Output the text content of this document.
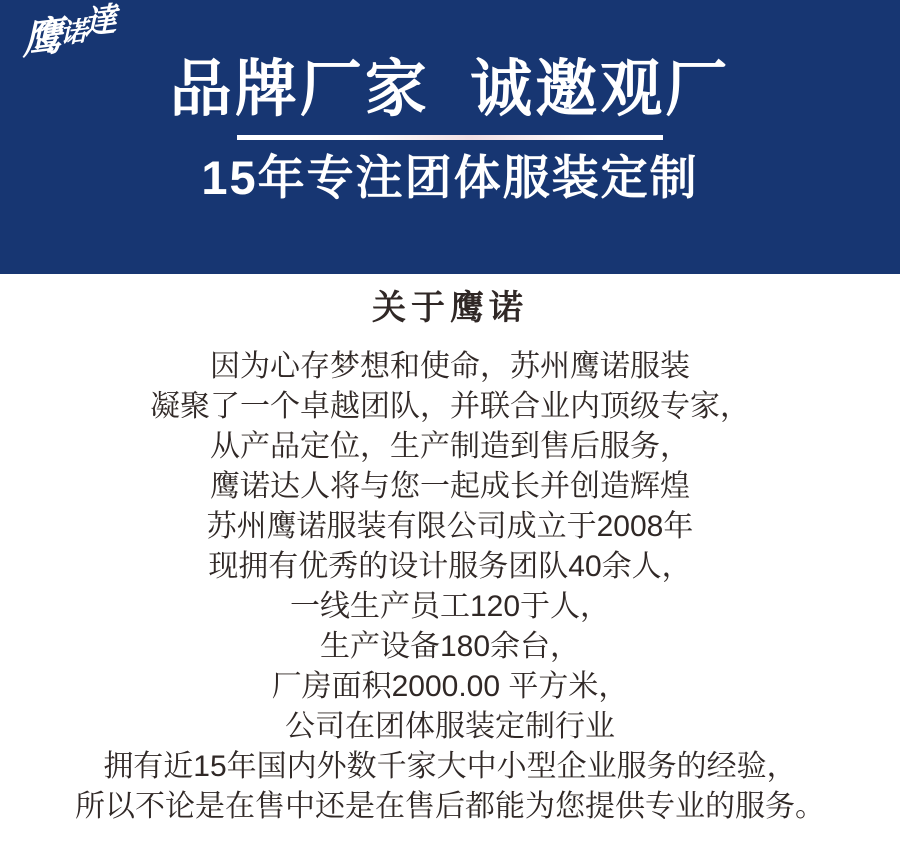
鹰诺達
品牌厂家  诚邀观厂
15年专注团体服装定制
关于鹰诺
因为心存梦想和使命，苏州鹰诺服装
凝聚了一个卓越团队，并联合业内顶级专家，
从产品定位，生产制造到售后服务，
鹰诺达人将与您一起成长并创造辉煌
苏州鹰诺服装有限公司成立于2008年
现拥有优秀的设计服务团队40余人，
一线生产员工120于人，
生产设备180余台，
厂房面积2000.00 平方米，
公司在团体服装定制行业
拥有近15年国内外数千家大中小型企业服务的经验，
所以不论是在售中还是在售后都能为您提供专业的服务。
